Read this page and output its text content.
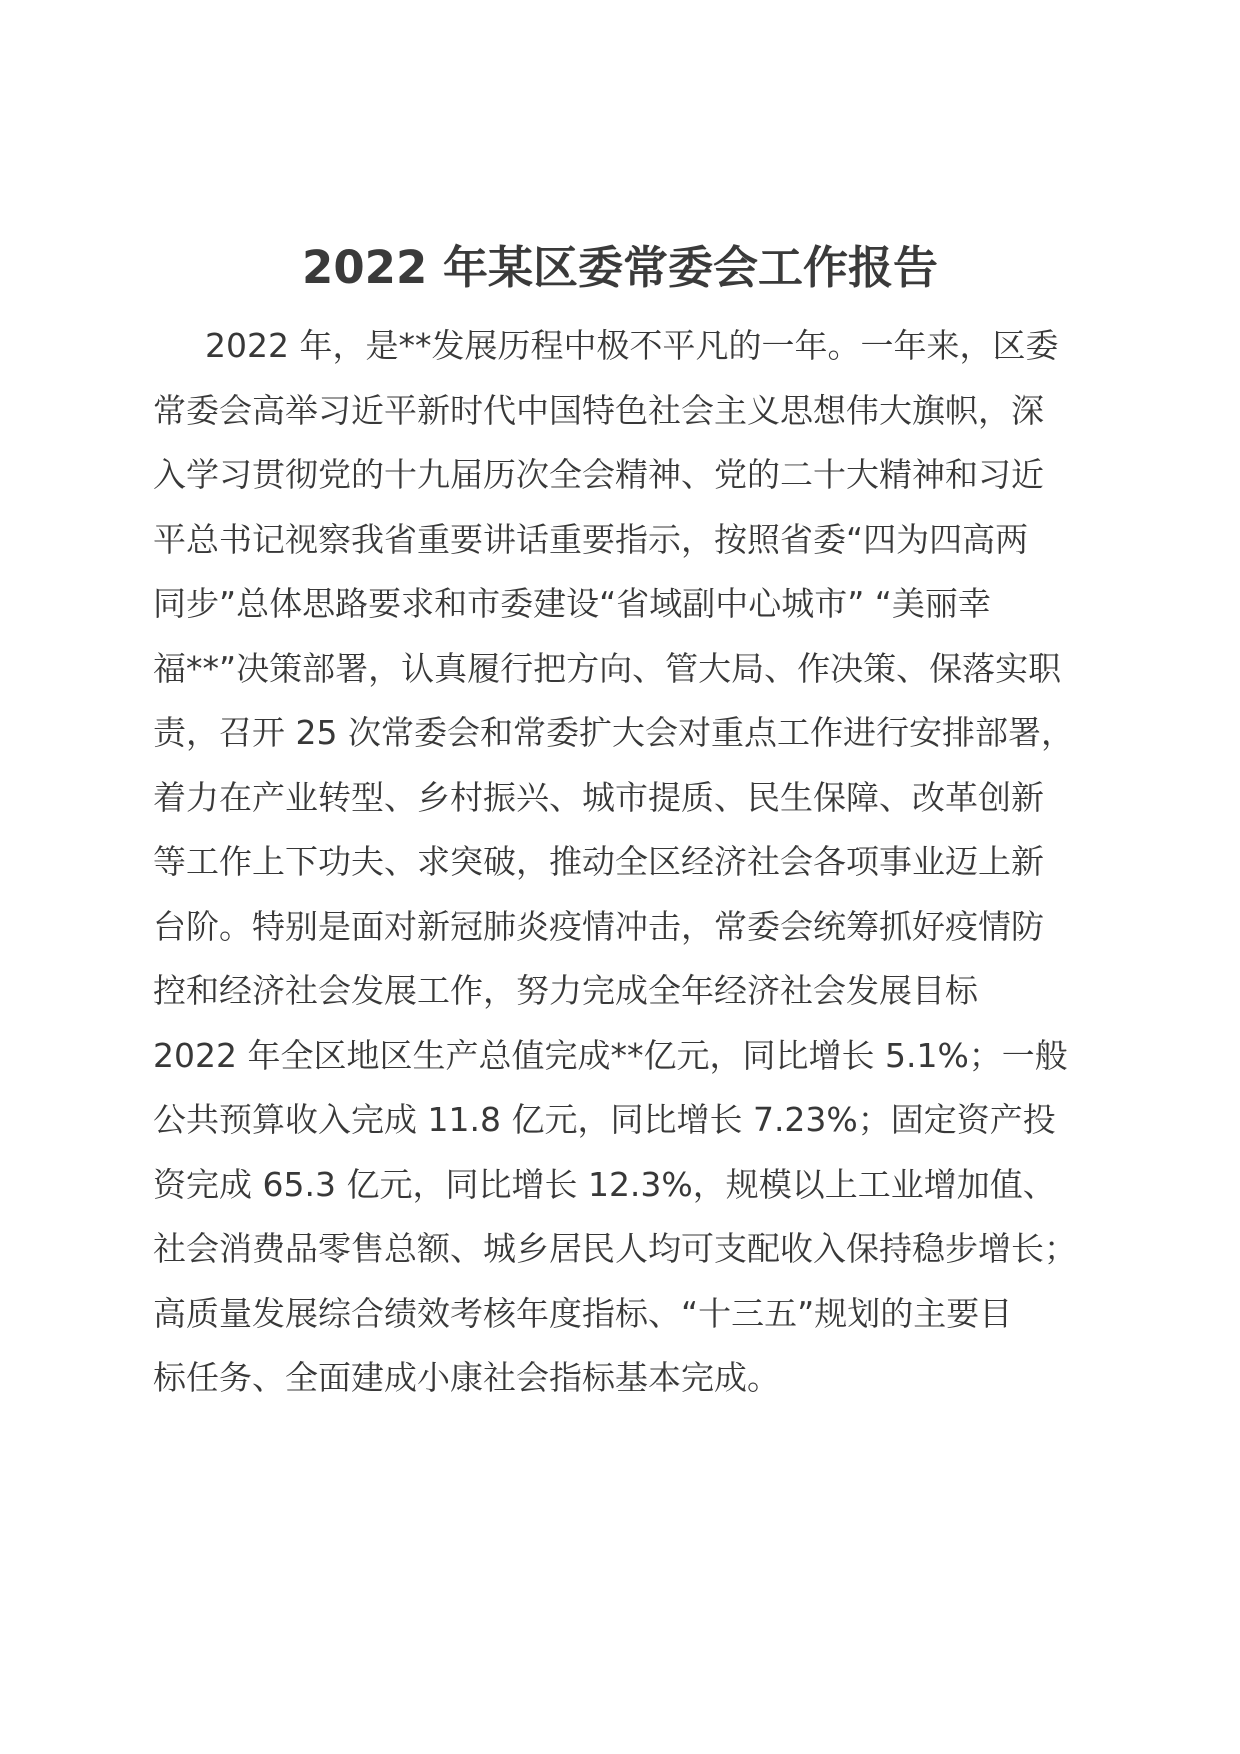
2022 年某区委常委会工作报告
2022 年，是**发展历程中极不平凡的一年。一年来，区委
常委会高举习近平新时代中国特色社会主义思想伟大旗帜，深
入学习贯彻党的十九届历次全会精神、党的二十大精神和习近
平总书记视察我省重要讲话重要指示，按照省委“四为四高两
同步”总体思路要求和市委建设“省域副中心城市” “美丽幸
福**”决策部署，认真履行把方向、管大局、作决策、保落实职
责，召开 25 次常委会和常委扩大会对重点工作进行安排部署，
着力在产业转型、乡村振兴、城市提质、民生保障、改革创新
等工作上下功夫、求突破，推动全区经济社会各项事业迈上新
台阶。特别是面对新冠肺炎疫情冲击，常委会统筹抓好疫情防
控和经济社会发展工作，努力完成全年经济社会发展目标
2022 年全区地区生产总值完成**亿元，同比增长 5.1%；一般
公共预算收入完成 11.8 亿元，同比增长 7.23%；固定资产投
资完成 65.3 亿元，同比增长 12.3%，规模以上工业增加值、
社会消费品零售总额、城乡居民人均可支配收入保持稳步增长；
高质量发展综合绩效考核年度指标、“十三五”规划的主要目
标任务、全面建成小康社会指标基本完成。
